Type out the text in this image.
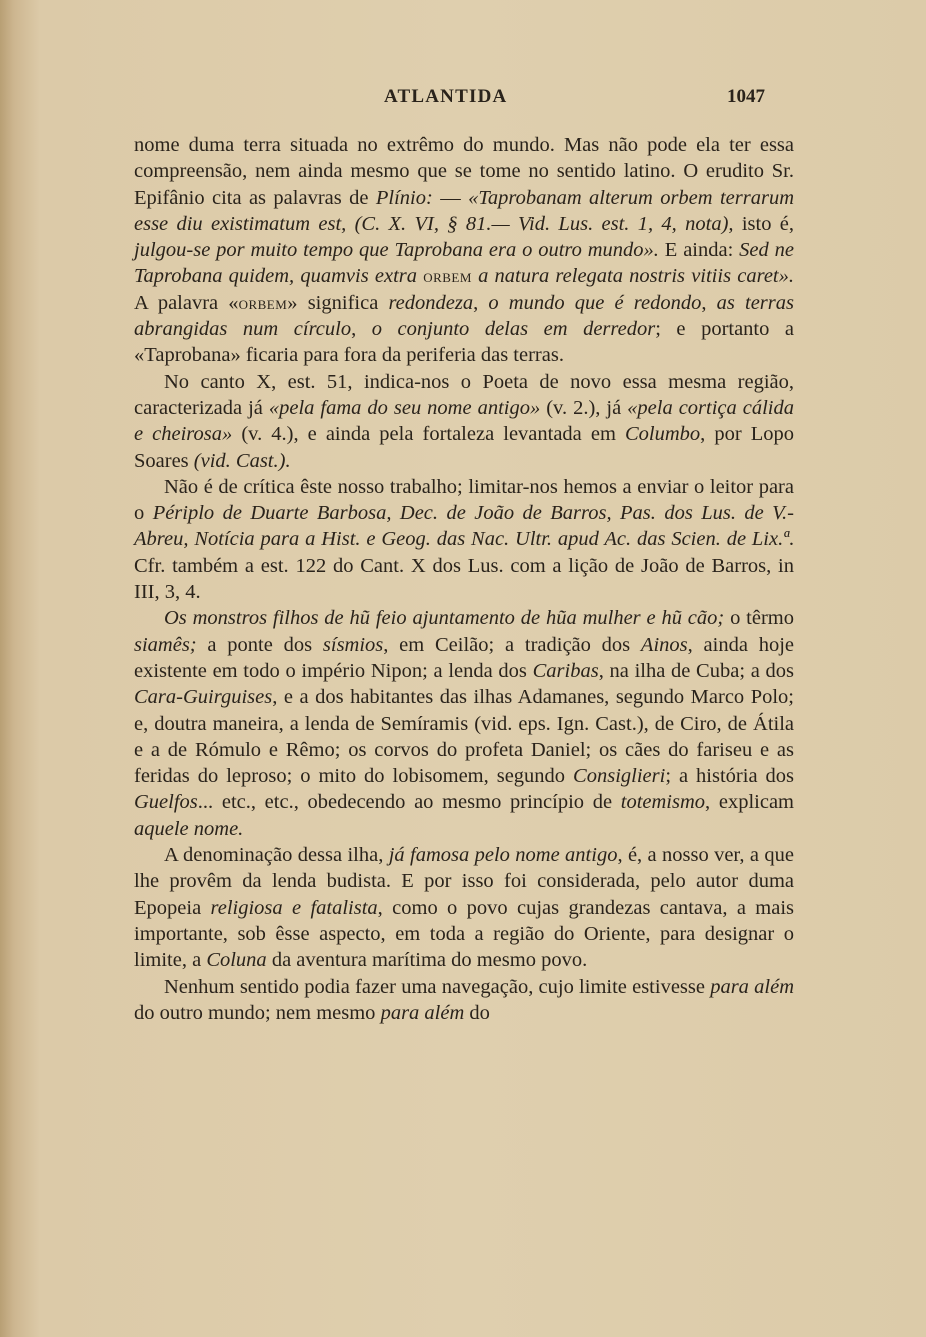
ATLANTIDA	1047

nome duma terra situada no extrêmo do mundo. Mas não pode ela ter essa compreensão, nem ainda mesmo que se tome no sentido latino. O erudito Sr. Epifânio cita as palavras de Plínio: — «Taprobanam alterum orbem terrarum esse diu existimatum est, (C. X. VI, § 81.— Vid. Lus. est. 1, 4, nota), isto é, julgou-se por muito tempo que Taprobana era o outro mundo». E ainda: Sed ne Taprobana quidem, quamvis extra orbem a natura relegata nostris vitiis caret». A palavra «orbem» significa redondeza, o mundo que é redondo, as terras abrangidas num círculo, o conjunto delas em derredor; e portanto a «Taprobana» ficaria para fora da periferia das terras.

No canto X, est. 51, indica-nos o Poeta de novo essa mesma região, caracterizada já «pela fama do seu nome antigo» (v. 2.), já «pela cortiça cálida e cheirosa» (v. 4.), e ainda pela fortaleza levantada em Columbo, por Lopo Soares (vid. Cast.).

Não é de crítica êste nosso trabalho; limitar-nos hemos a enviar o leitor para o Périplo de Duarte Barbosa, Dec. de João de Barros, Pas. dos Lus. de V.-Abreu, Notícia para a Hist. e Geog. das Nac. Ultr. apud Ac. das Scien. de Lix.ª. Cfr. também a est. 122 do Cant. X dos Lus. com a lição de João de Barros, in III, 3, 4.

Os monstros filhos de hũ feio ajuntamento de hũa mulher e hũ cão; o têrmo siamês; a ponte dos sísmios, em Ceilão; a tradição dos Ainos, ainda hoje existente em todo o império Nipon; a lenda dos Caribas, na ilha de Cuba; a dos Cara-Guirguises, e a dos habitantes das ilhas Adamanes, segundo Marco Polo; e, doutra maneira, a lenda de Semíramis (vid. eps. Ign. Cast.), de Ciro, de Átila e a de Rómulo e Rêmo; os corvos do profeta Daniel; os cães do fariseu e as feridas do leproso; o mito do lobisomem, segundo Consiglieri; a história dos Guelfos... etc., etc., obedecendo ao mesmo princípio de totemismo, explicam aquele nome.

A denominação dessa ilha, já famosa pelo nome antigo, é, a nosso ver, a que lhe provêm da lenda budista. E por isso foi considerada, pelo autor duma Epopeia religiosa e fatalista, como o povo cujas grandezas cantava, a mais importante, sob êsse aspecto, em toda a região do Oriente, para designar o limite, a Coluna da aventura marítima do mesmo povo.

Nenhum sentido podia fazer uma navegação, cujo limite estivesse para além do outro mundo; nem mesmo para além do
